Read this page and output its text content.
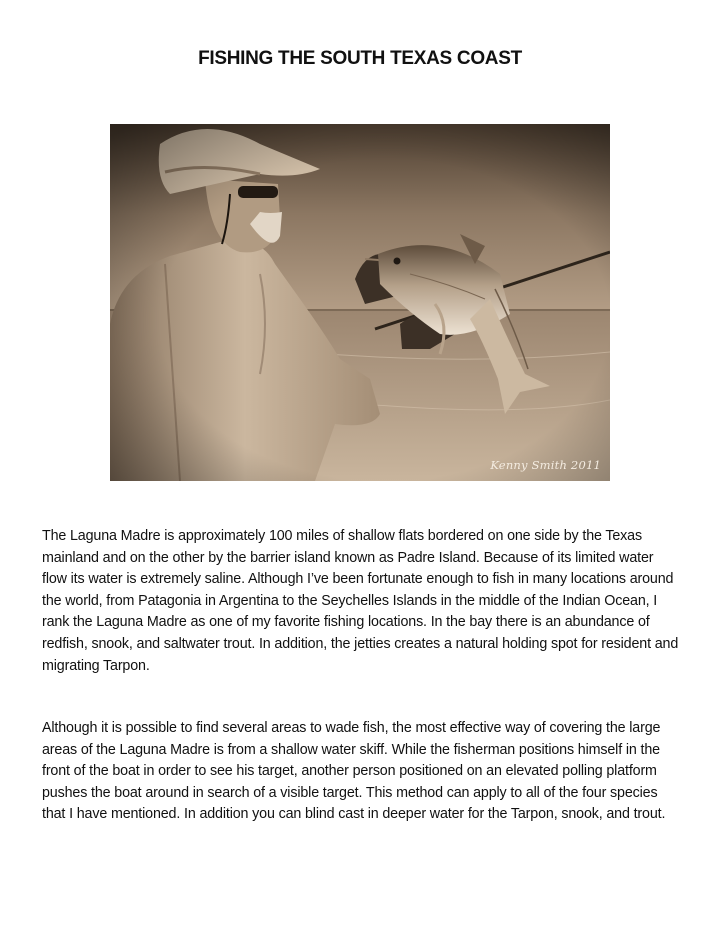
FISHING THE SOUTH TEXAS COAST
Kenny Smith 2011

The Laguna Madre is approximately 100 miles of shallow flats bordered on one side by the Texas mainland and on the other by the barrier island known as Padre Island. Because of its limited water flow its water is extremely saline. Although I’ve been fortunate enough to fish in many locations around the world, from Patagonia in Argentina to the Seychelles Islands in the middle of the Indian Ocean, I rank the Laguna Madre as one of my favorite fishing locations. In the bay there is an abundance of redfish, snook, and saltwater trout. In addition, the jetties creates a natural holding spot for resident and migrating Tarpon.

Although it is possible to find several areas to wade fish, the most effective way of covering the large areas of the Laguna Madre is from a shallow water skiff. While the fisherman positions himself in the front of the boat in order to see his target, another person positioned on an elevated polling platform pushes the boat around in search of a visible target. This method can apply to all of the four species that I have mentioned. In addition you can blind cast in deeper water for the Tarpon, snook, and trout.
